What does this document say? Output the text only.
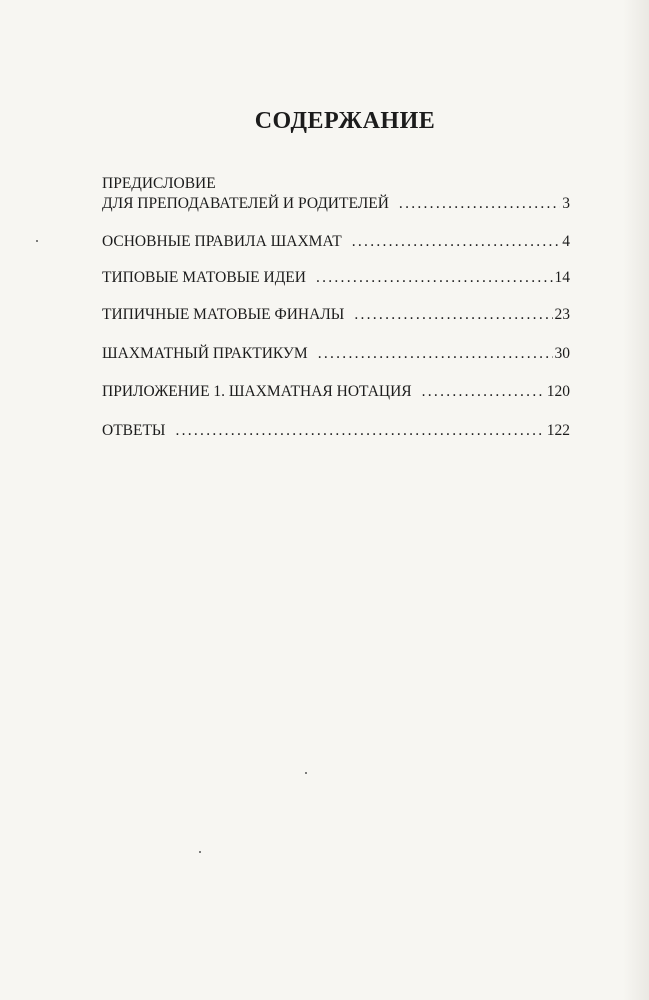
СОДЕРЖАНИЕ
ПРЕДИСЛОВИЕ
ДЛЯ ПРЕПОДАВАТЕЛЕЙ И РОДИТЕЛЕЙ . . .	3
ОСНОВНЫЕ ПРАВИЛА ШАХМАТ . . .	4
ТИПОВЫЕ МАТОВЫЕ ИДЕИ . . .	14
ТИПИЧНЫЕ МАТОВЫЕ ФИНАЛЫ . . .	23
ШАХМАТНЫЙ ПРАКТИКУМ . . .	30
ПРИЛОЖЕНИЕ 1. ШАХМАТНАЯ НОТАЦИЯ . . .	120
ОТВЕТЫ . . .	122
